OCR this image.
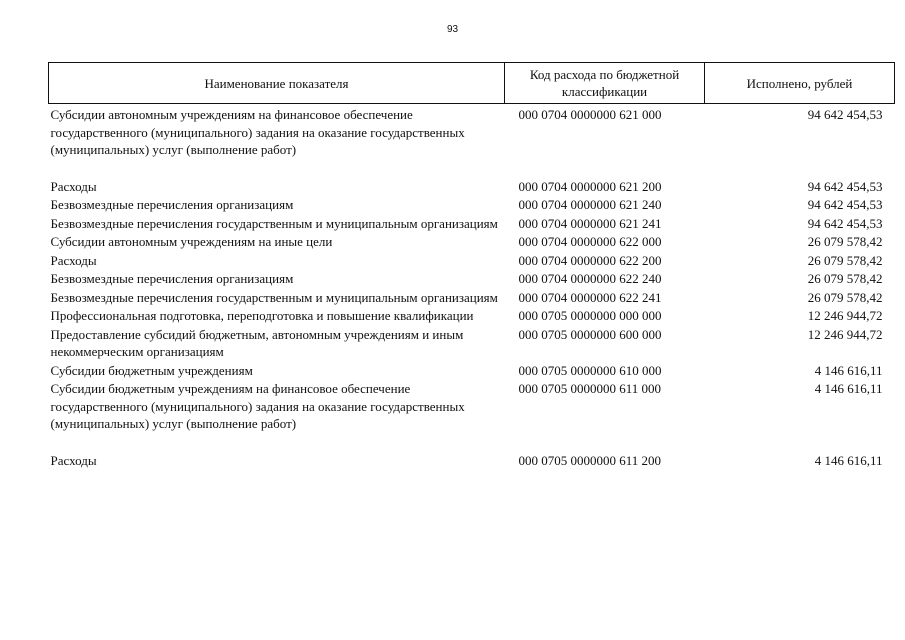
93
Наименование показателя	Код расхода по бюджетной классификации	Исполнено, рублей
Субсидии автономным учреждениям на финансовое обеспечение государственного (муниципального) задания на оказание государственных (муниципальных) услуг (выполнение работ)	000 0704 0000000 621 000	94 642 454,53
Расходы	000 0704 0000000 621 200	94 642 454,53
Безвозмездные перечисления организациям	000 0704 0000000 621 240	94 642 454,53
Безвозмездные перечисления государственным и муниципальным организациям	000 0704 0000000 621 241	94 642 454,53
Субсидии автономным учреждениям на иные цели	000 0704 0000000 622 000	26 079 578,42
Расходы	000 0704 0000000 622 200	26 079 578,42
Безвозмездные перечисления организациям	000 0704 0000000 622 240	26 079 578,42
Безвозмездные перечисления государственным и муниципальным организациям	000 0704 0000000 622 241	26 079 578,42
Профессиональная подготовка, переподготовка и повышение квалификации	000 0705 0000000 000 000	12 246 944,72
Предоставление субсидий бюджетным, автономным учреждениям и иным некоммерческим организациям	000 0705 0000000 600 000	12 246 944,72
Субсидии бюджетным учреждениям	000 0705 0000000 610 000	4 146 616,11
Субсидии бюджетным учреждениям на финансовое обеспечение государственного (муниципального) задания на оказание государственных (муниципальных) услуг (выполнение работ)	000 0705 0000000 611 000	4 146 616,11
Расходы	000 0705 0000000 611 200	4 146 616,11
